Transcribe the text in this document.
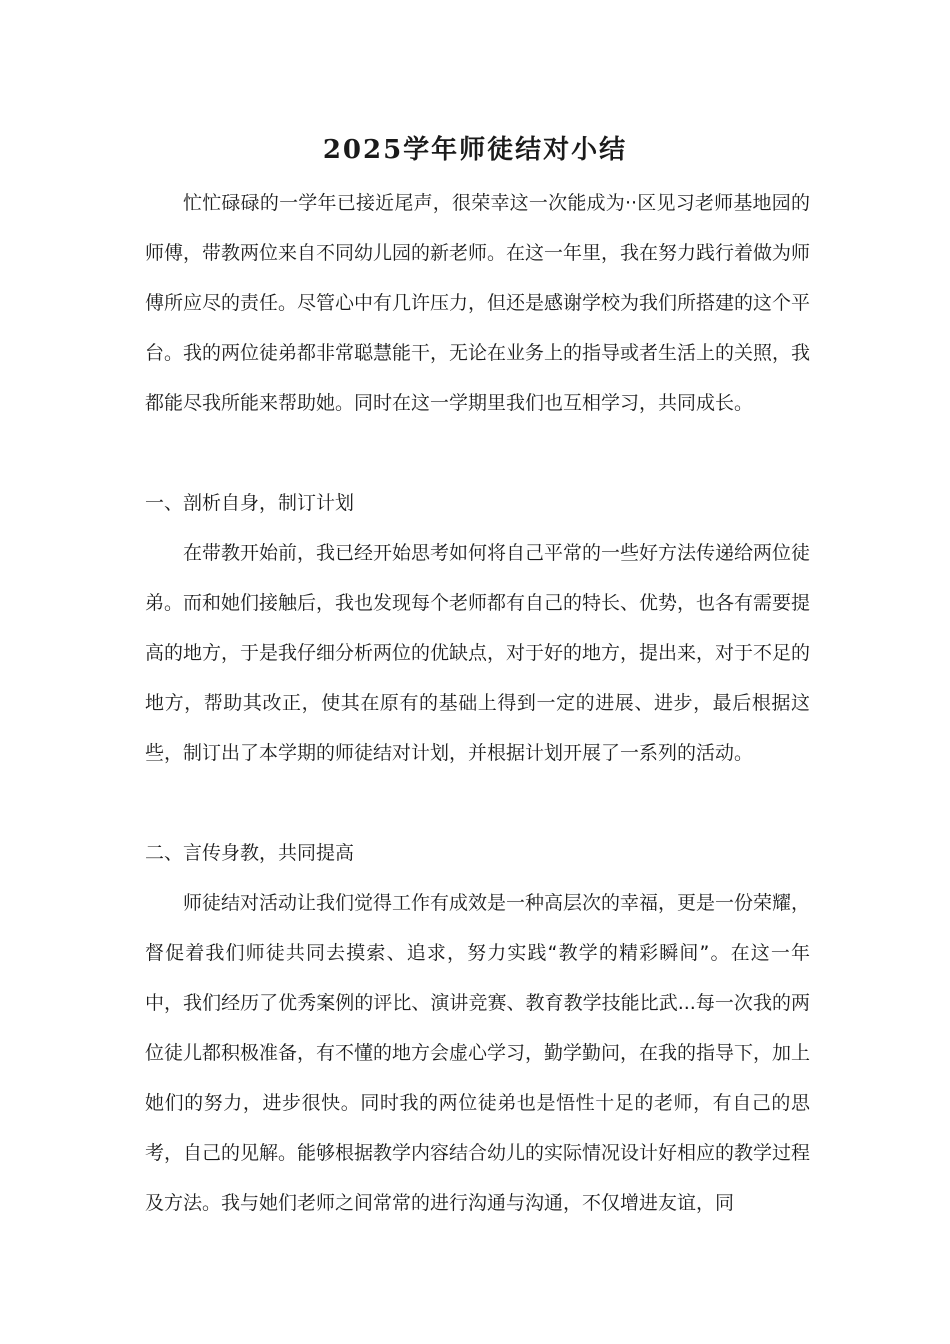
2025学年师徒结对小结

忙忙碌碌的一学年已接近尾声，很荣幸这一次能成为··区见习老师基地园的师傅，带教两位来自不同幼儿园的新老师。在这一年里，我在努力践行着做为师傅所应尽的责任。尽管心中有几许压力，但还是感谢学校为我们所搭建的这个平台。我的两位徒弟都非常聪慧能干，无论在业务上的指导或者生活上的关照，我都能尽我所能来帮助她。同时在这一学期里我们也互相学习，共同成长。

一、剖析自身，制订计划

在带教开始前，我已经开始思考如何将自己平常的一些好方法传递给两位徒弟。而和她们接触后，我也发现每个老师都有自己的特长、优势，也各有需要提高的地方，于是我仔细分析两位的优缺点，对于好的地方，提出来，对于不足的地方，帮助其改正，使其在原有的基础上得到一定的进展、进步，最后根据这些，制订出了本学期的师徒结对计划，并根据计划开展了一系列的活动。

二、言传身教，共同提高

师徒结对活动让我们觉得工作有成效是一种高层次的幸福，更是一份荣耀，督促着我们师徒共同去摸索、追求，努力实践“教学的精彩瞬间”。在这一年中，我们经历了优秀案例的评比、演讲竞赛、教育教学技能比武...每一次我的两位徒儿都积极准备，有不懂的地方会虚心学习，勤学勤问，在我的指导下，加上她们的努力，进步很快。同时我的两位徒弟也是悟性十足的老师，有自己的思考，自己的见解。能够根据教学内容结合幼儿的实际情况设计好相应的教学过程及方法。我与她们老师之间常常的进行沟通与沟通，不仅增进友谊，同
